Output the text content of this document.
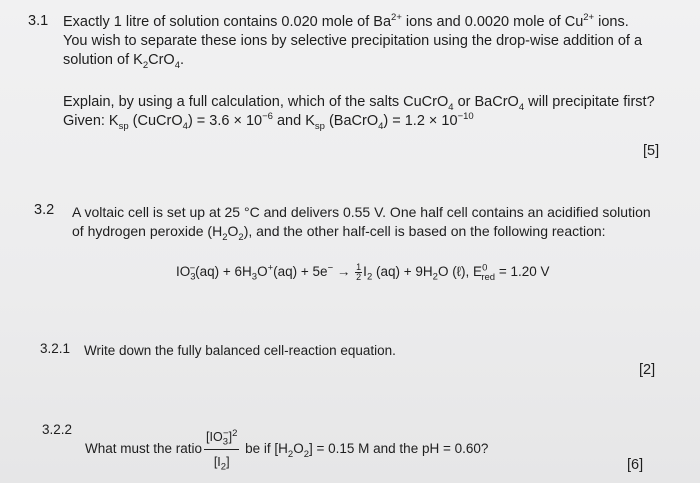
3.1 Exactly 1 litre of solution contains 0.020 mole of $Ba^{2+}$ ions and 0.0020 mole of $Cu^{2+}$ ions.
You wish to separate these ions by selective precipitation using the drop-wise addition of a
solution of $K_2CrO_4$.
Explain, by using a full calculation, which of the salts CuCrO$_4$ or BaCrO$_4$ will precipitate first?
Given: $K_{sp}$ (CuCrO$_4$) = $3.6 \times 10^{-6}$ and $K_{sp}$ (BaCrO$_4$) = $1.2 \times 10^{-10}$
[5]
3.2 A voltaic cell is set up at 25 °C and delivers 0.55 V. One half cell contains an acidified solution
of hydrogen peroxide $(H_2O_2)$, and the other half-cell is based on the following reaction:
$IO_3^-(aq) + 6H_3O^+(aq) + 5e^- \to \frac{1}{2} I_2$ $(aq) + 9H_2O$ (ℓ), $E^0_{red} = 1.20$ V
3.2.1 Write down the fully balanced cell-reaction equation.
[2]
3.2.2
What must the ratio $\frac{[IO_3^-]^2}{[I_2]}$ be if $[H_2O_2] = 0.15$ M and the pH = 0.60?
[6]
